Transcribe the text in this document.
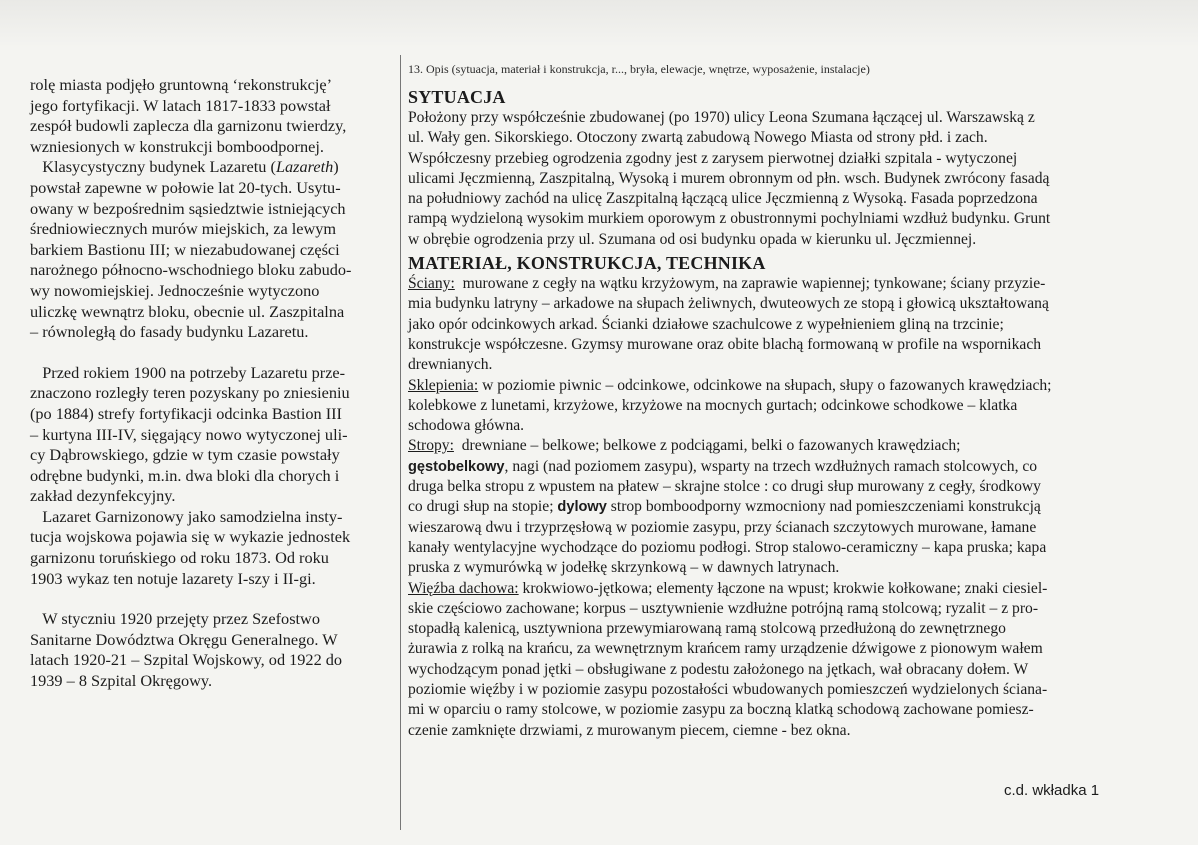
rolę miasta podjęło gruntowną ‘rekonstrukcję’
jego fortyfikacji. W latach 1817-1833 powstał
zespół budowli zaplecza dla garnizonu twierdzy,
wzniesionych w konstrukcji bomboodpornej.
Klasycystyczny budynek Lazaretu (Lazareth)
powstał zapewne w połowie lat 20-tych. Usytu-
owany w bezpośrednim sąsiedztwie istniejących
średniowiecznych murów miejskich, za lewym
barkiem Bastionu III; w niezabudowanej części
narożnego północno-wschodniego bloku zabudo-
wy nowomiejskiej. Jednocześnie wytyczono
uliczkę wewnątrz bloku, obecnie ul. Zaszpitalna
– równoległą do fasady budynku Lazaretu.
Przed rokiem 1900 na potrzeby Lazaretu prze-
znaczono rozległy teren pozyskany po zniesieniu
(po 1884) strefy fortyfikacji odcinka Bastion III
– kurtyna III-IV, sięgający nowo wytyczonej uli-
cy Dąbrowskiego, gdzie w tym czasie powstały
odrębne budynki, m.in. dwa bloki dla chorych i
zakład dezynfekcyjny.
Lazaret Garnizonowy jako samodzielna insty-
tucja wojskowa pojawia się w wykazie jednostek
garnizonu toruńskiego od roku 1873. Od roku
1903 wykaz ten notuje lazarety I-szy i II-gi.
W styczniu 1920 przejęty przez Szefostwo
Sanitarne Dowództwa Okręgu Generalnego. W
latach 1920-21 – Szpital Wojskowy, od 1922 do
1939 – 8 Szpital Okręgowy.
13. Opis (sytuacja, materiał i konstrukcja, r..., bryła, elewacje, wnętrze, wyposażenie, instalacje)
SYTUACJA
Położony przy współcześnie zbudowanej (po 1970) ulicy Leona Szumana łączącej ul. Warszawską z
ul. Wały gen. Sikorskiego. Otoczony zwartą zabudową Nowego Miasta od strony płd. i zach.
Współczesny przebieg ogrodzenia zgodny jest z zarysem pierwotnej działki szpitala - wytyczonej
ulicami Jęczmienną, Zaszpitalną, Wysoką i murem obronnym od płn. wsch. Budynek zwrócony fasadą
na południowy zachód na ulicę Zaszpitalną łączącą ulice Jęczmienną z Wysoką. Fasada poprzedzona
rampą wydzieloną wysokim murkiem oporowym z obustronnymi pochylniami wzdłuż budynku. Grunt
w obrębie ogrodzenia przy ul. Szumana od osi budynku opada w kierunku ul. Jęczmiennej.
MATERIAŁ, KONSTRUKCJA, TECHNIKA
Ściany:  murowane z cegły na wątku krzyżowym, na zaprawie wapiennej; tynkowane; ściany przyzie-
mia budynku latryny – arkadowe na słupach żeliwnych, dwuteowych ze stopą i głowicą ukształtowaną
jako opór odcinkowych arkad. Ścianki działowe szachulcowe z wypełnieniem gliną na trzcinie;
konstrukcje współczesne. Gzymsy murowane oraz obite blachą formowaną w profile na wspornikach
drewnianych.
Sklepienia: w poziomie piwnic – odcinkowe, odcinkowe na słupach, słupy o fazowanych krawędziach;
kolebkowe z lunetami, krzyżowe, krzyżowe na mocnych gurtach; odcinkowe schodkowe – klatka
schodowa główna.
Stropy:  drewniane – belkowe; belkowe z podciągami, belki o fazowanych krawędziach;
gęstobelkowy, nagi (nad poziomem zasypu), wsparty na trzech wzdłużnych ramach stolcowych, co
druga belka stropu z wpustem na płatew – skrajne stolce : co drugi słup murowany z cegły, środkowy
co drugi słup na stopie; dylowy strop bomboodporny wzmocniony nad pomieszczeniami konstrukcją
wieszarową dwu i trzyprzęsłową w poziomie zasypu, przy ścianach szczytowych murowane, łamane
kanały wentylacyjne wychodzące do poziomu podłogi. Strop stalowo-ceramiczny – kapa pruska; kapa
pruska z wymurówką w jodełkę skrzynkową – w dawnych latrynach.
Więźba dachowa: krokwiowo-jętkowa; elementy łączone na wpust; krokwie kołkowane; znaki ciesiel-
skie częściowo zachowane; korpus – usztywnienie wzdłużne potrójną ramą stolcową; ryzalit – z pro-
stopadłą kalenicą, usztywniona przewymiarowaną ramą stolcową przedłużoną do zewnętrznego
żurawia z rolką na krańcu, za wewnętrznym krańcem ramy urządzenie dźwigowe z pionowym wałem
wychodzącym ponad jętki – obsługiwane z podestu założonego na jętkach, wał obracany dołem. W
poziomie więźby i w poziomie zasypu pozostałości wbudowanych pomieszczeń wydzielonych ściana-
mi w oparciu o ramy stolcowe, w poziomie zasypu za boczną klatką schodową zachowane pomiesz-
czenie zamknięte drzwiami, z murowanym piecem, ciemne - bez okna.
c.d. wkładka 1
